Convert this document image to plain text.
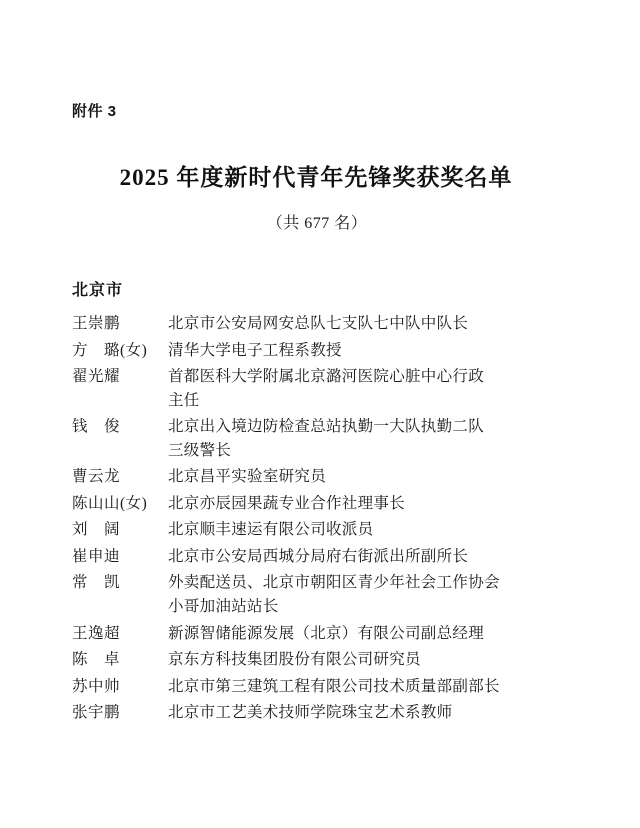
附件 3
2025 年度新时代青年先锋奖获奖名单
（共 677 名）
北京市
王崇鹏	北京市公安局网安总队七支队七中队中队长
方　璐(女)	清华大学电子工程系教授
翟光耀	首都医科大学附属北京潞河医院心脏中心行政
主任
钱　俊	北京出入境边防检查总站执勤一大队执勤二队
三级警长
曹云龙	北京昌平实验室研究员
陈山山(女)	北京亦辰园果蔬专业合作社理事长
刘　阔	北京顺丰速运有限公司收派员
崔申迪	北京市公安局西城分局府右街派出所副所长
常　凯	外卖配送员、北京市朝阳区青少年社会工作协会
小哥加油站站长
王逸超	新源智储能源发展（北京）有限公司副总经理
陈　卓	京东方科技集团股份有限公司研究员
苏中帅	北京市第三建筑工程有限公司技术质量部副部长
张宇鹏	北京市工艺美术技师学院珠宝艺术系教师
